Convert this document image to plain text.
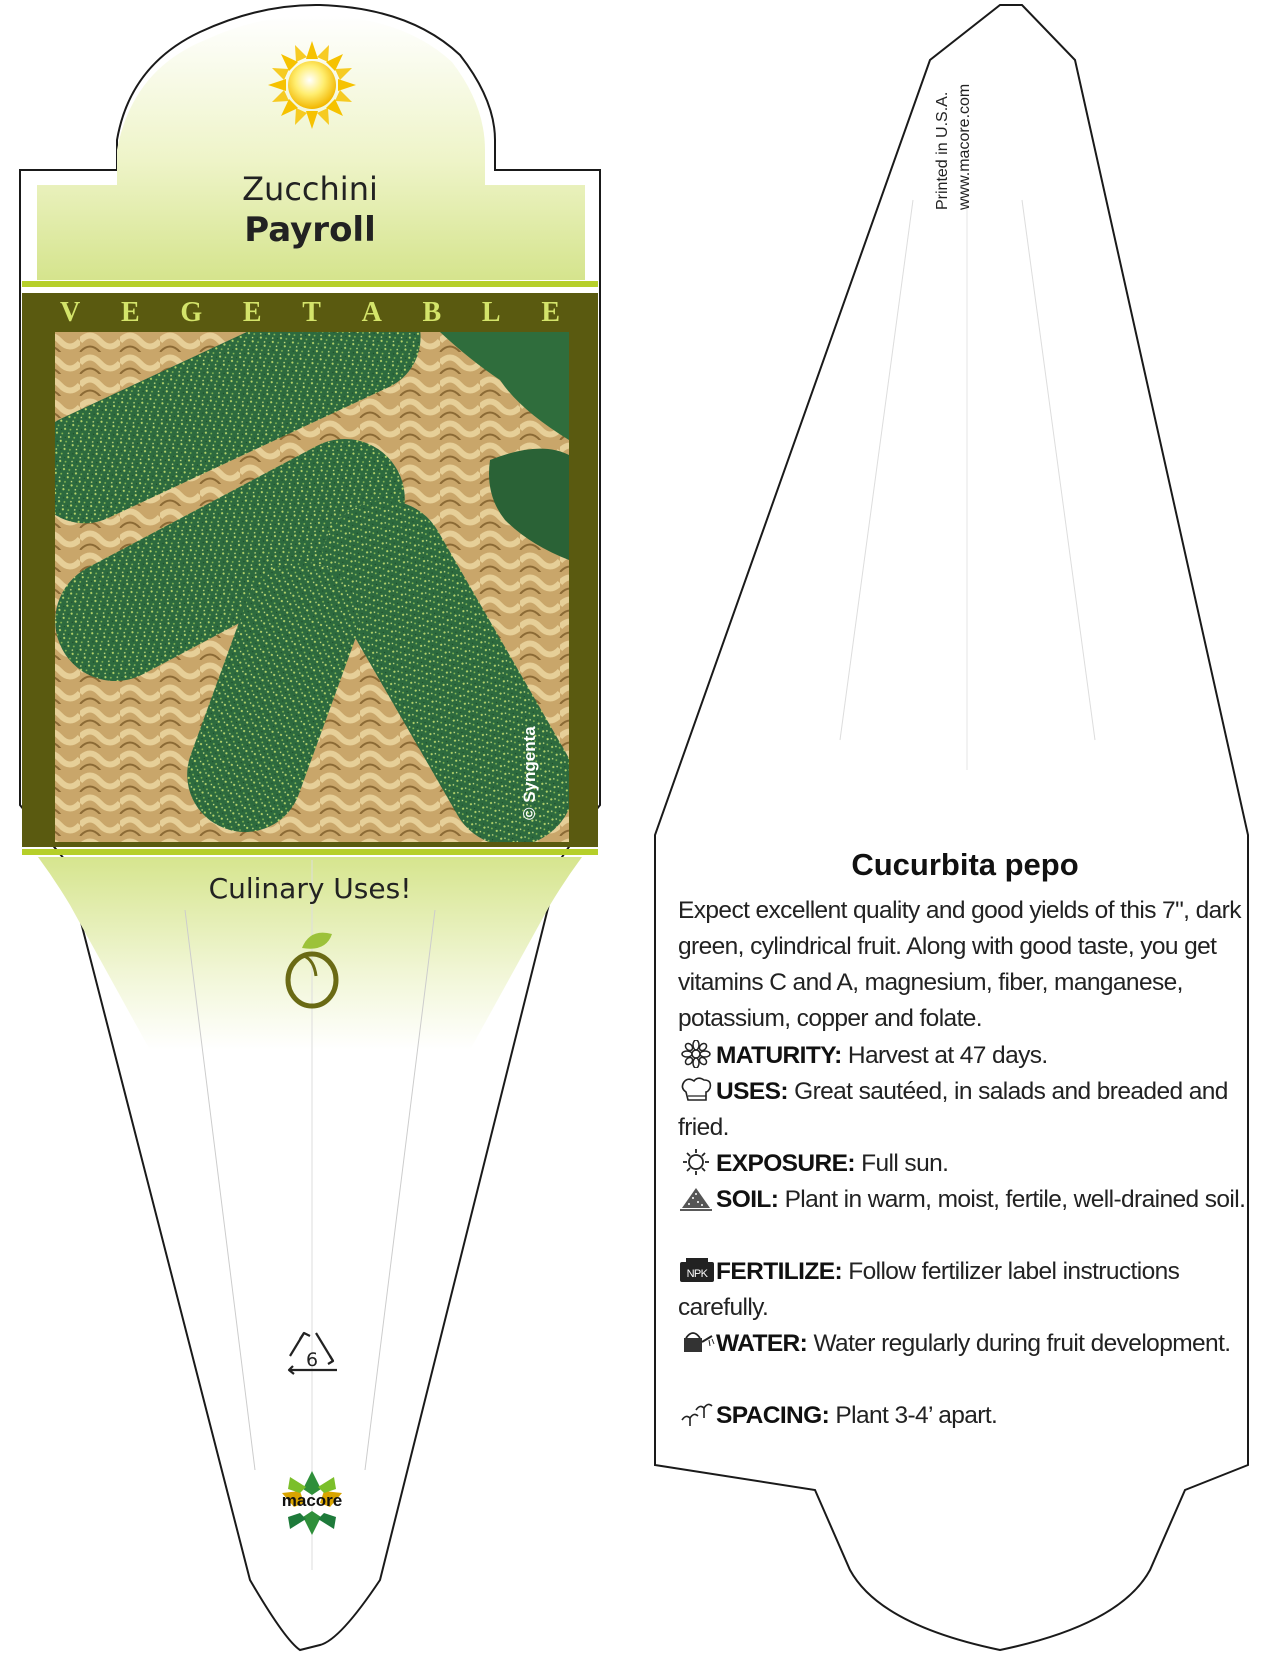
Zucchini
Payroll
V E G E T A B L E
© Syngenta
Culinary Uses!
6
macore
Printed in U.S.A. www.macore.com
Cucurbita pepo
Expect excellent quality and good yields of this 7", dark green, cylindrical fruit. Along with good taste, you get vitamins C and A, magnesium, fiber, manganese, potassium, copper and folate.
MATURITY: Harvest at 47 days.
USES: Great sautéed, in salads and breaded and fried.
EXPOSURE: Full sun.
SOIL: Plant in warm, moist, fertile, well-drained soil.
NPK FERTILIZE: Follow fertilizer label instructions carefully.
WATER: Water regularly during fruit development.
SPACING: Plant 3-4’ apart.
